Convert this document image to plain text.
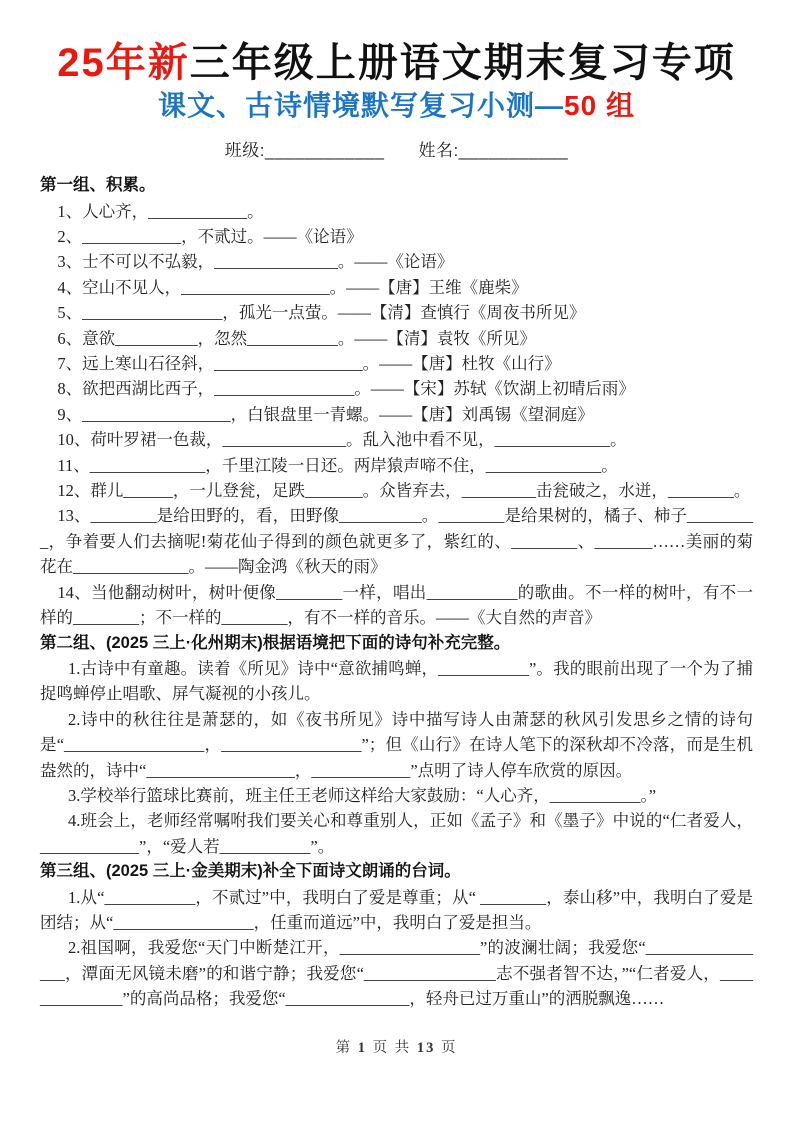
25年新三年级上册语文期末复习专项
课文、古诗情境默写复习小测—50 组
班级:____________ 姓名:___________
第一组、积累。

1、人心齐，____________。

2、____________，不贰过。——《论语》

3、士不可以不弘毅，_______________。——《论语》

4、空山不见人，__________________。——【唐】王维《鹿柴》

5、_________________，孤光一点萤。——【清】查慎行《周夜书所见》

6、意欲__________，忽然___________。——【清】袁牧《所见》

7、远上寒山石径斜，__________________。——【唐】杜牧《山行》

8、欲把西湖比西子，_________________。——【宋】苏轼《饮湖上初晴后雨》

9、__________________，白银盘里一青螺。——【唐】刘禹锡《望洞庭》

10、荷叶罗裙一色裁，_______________。乱入池中看不见，______________。

11、______________，千里江陵一日还。两岸猿声啼不住，______________。

12、群儿______，一儿登瓮，足跌_______。众皆弃去，_________击瓮破之，水迸，________。

13、________是给田野的，看，田野像__________。________是给果树的，橘子、柿子_________，争着要人们去摘呢!菊花仙子得到的颜色就更多了，紫红的、________、_______……美丽的菊花在______________。——陶金鸿《秋天的雨》

14、当他翻动树叶，树叶便像________一样，唱出___________的歌曲。不一样的树叶，有不一样的________；不一样的________，有不一样的音乐。——《大自然的声音》

第二组、(2025 三上·化州期末)根据语境把下面的诗句补充完整。

1.古诗中有童趣。读着《所见》诗中“意欲捕鸣蝉，___________”。我的眼前出现了一个为了捕捉鸣蝉停止唱歌、屏气凝视的小孩儿。

2.诗中的秋往往是萧瑟的，如《夜书所见》诗中描写诗人由萧瑟的秋风引发思乡之情的诗句是“_________________，_________________”；但《山行》在诗人笔下的深秋却不冷落，而是生机盎然的，诗中“__________________，____________”点明了诗人停车欣赏的原因。

3.学校举行篮球比赛前，班主任王老师这样给大家鼓励：“人心齐，___________。”

4.班会上，老师经常嘱咐我们要关心和尊重别人，正如《孟子》和《墨子》中说的“仁者爱人，____________”，“爱人若___________”。

第三组、(2025 三上·金美期末)补全下面诗文朗诵的台词。

1.从“___________，不贰过”中，我明白了爱是尊重；从“ ________，泰山移”中，我明白了爱是团结；从“_________________，任重而道远”中，我明白了爱是担当。

2.祖国啊，我爱您“天门中断楚江开，_________________”的波澜壮阔；我爱您“________________，潭面无风镜未磨”的和谐宁静；我爱您“________________志不强者智不达，”“仁者爱人，______________”的高尚品格；我爱您“_______________，轻舟已过万重山”的洒脱飘逸……

第 1 页 共 13 页
